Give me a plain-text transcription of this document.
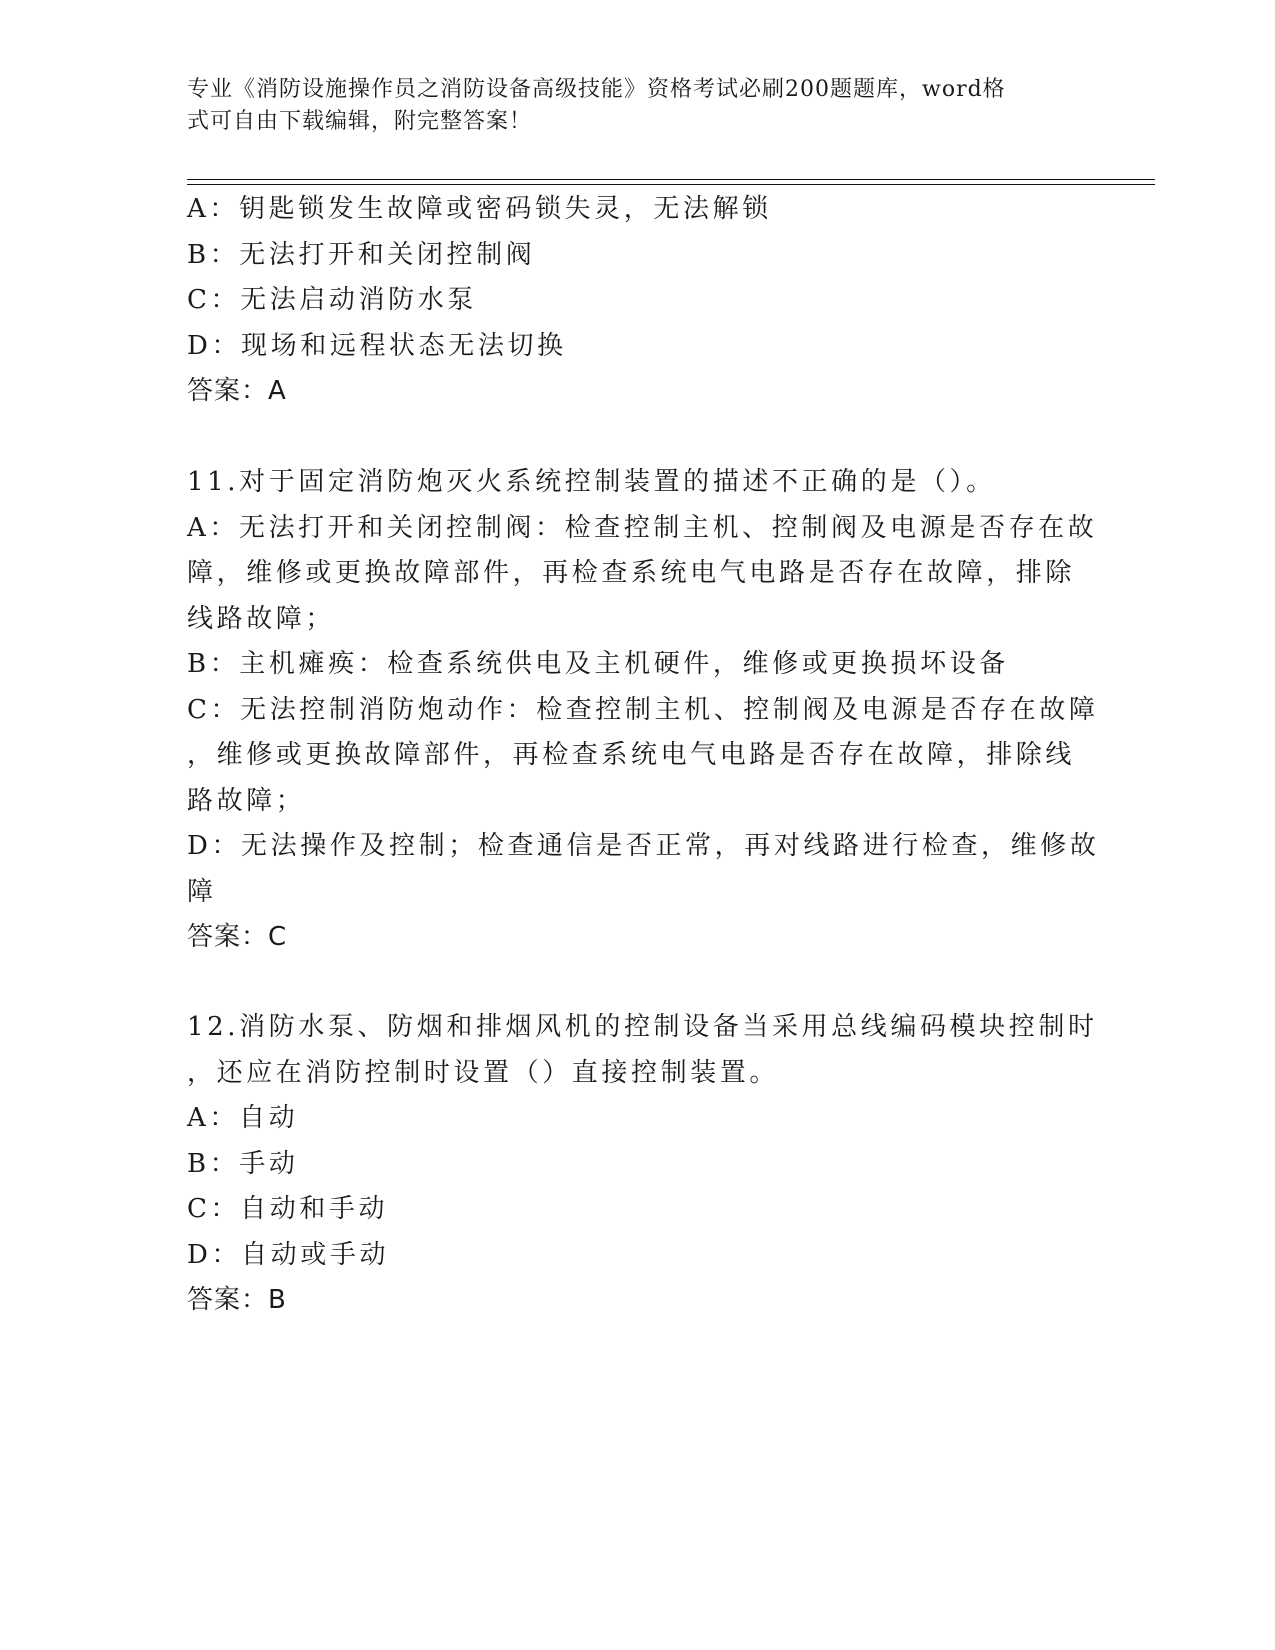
专业《消防设施操作员之消防设备高级技能》资格考试必刷200题题库，word格
式可自由下载编辑，附完整答案！
A：钥匙锁发生故障或密码锁失灵，无法解锁
B：无法打开和关闭控制阀
C：无法启动消防水泵
D：现场和远程状态无法切换
答案：A
11.对于固定消防炮灭火系统控制装置的描述不正确的是（）。
A：无法打开和关闭控制阀：检查控制主机、控制阀及电源是否存在故
障，维修或更换故障部件，再检查系统电气电路是否存在故障，排除
线路故障；
B：主机瘫痪：检查系统供电及主机硬件，维修或更换损坏设备
C：无法控制消防炮动作：检查控制主机、控制阀及电源是否存在故障
，维修或更换故障部件，再检查系统电气电路是否存在故障，排除线
路故障；
D：无法操作及控制；检查通信是否正常，再对线路进行检查，维修故
障
答案：C
12.消防水泵、防烟和排烟风机的控制设备当采用总线编码模块控制时
，还应在消防控制时设置（）直接控制装置。
A：自动
B：手动
C：自动和手动
D：自动或手动
答案：B
